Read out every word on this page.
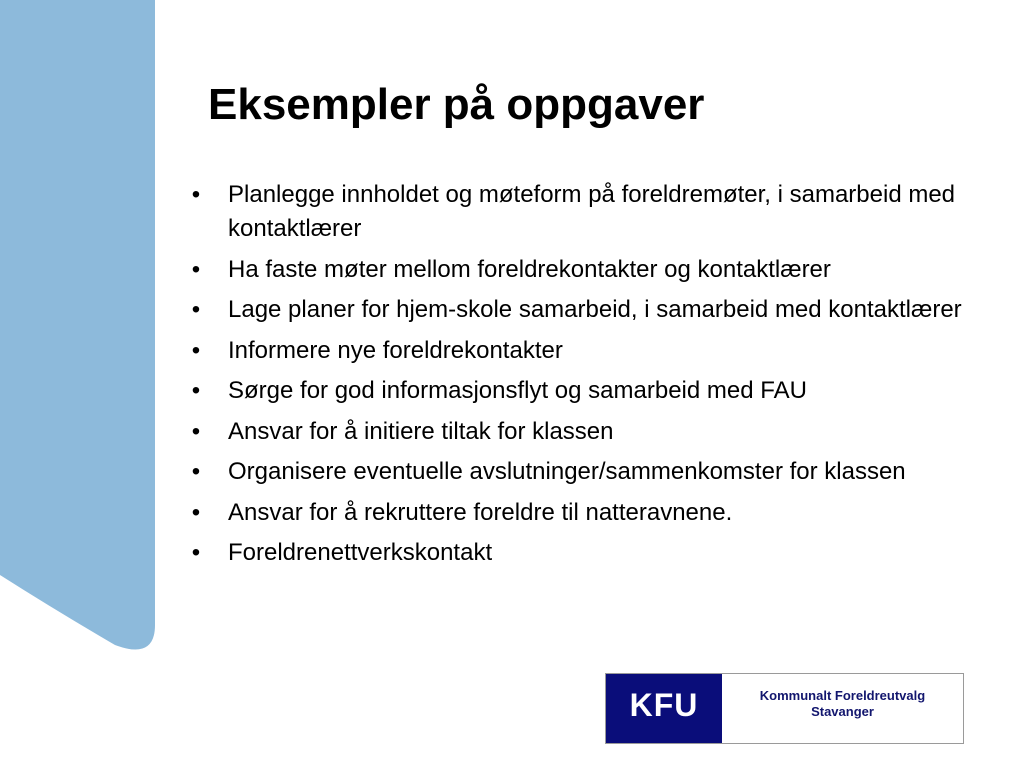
Eksempler på oppgaver
• Planlegge innholdet og møteform på foreldremøter, i samarbeid med kontaktlærer
• Ha faste møter mellom foreldrekontakter og kontaktlærer
• Lage planer for hjem-skole samarbeid, i samarbeid med kontaktlærer
• Informere nye foreldrekontakter
• Sørge for god informasjonsflyt og samarbeid med FAU
• Ansvar for å initiere tiltak for klassen
• Organisere eventuelle avslutninger/sammenkomster for klassen
• Ansvar for å rekruttere foreldre til natteravnene.
• Foreldrenettverkskontakt
KFU	Kommunalt Foreldreutvalg
Stavanger
